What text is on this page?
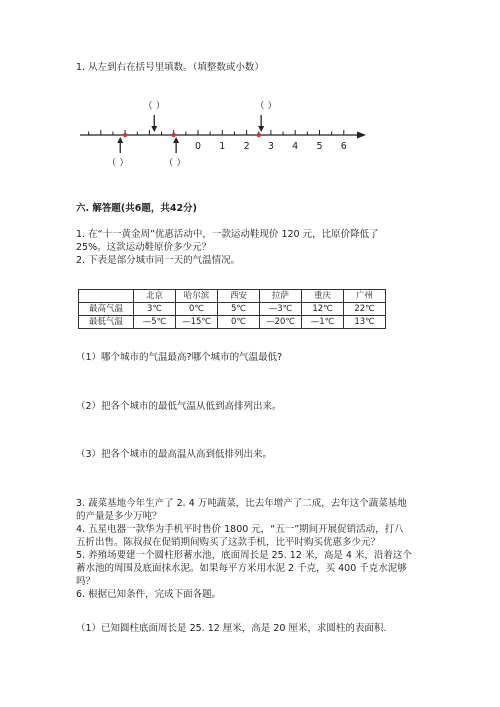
1. 从左到右在括号里填数。（填整数或小数）
0 1 2 3 4 5 6
（ ）	（ ）
（ ）	（ ）
六. 解答题(共6题，共42分)
1. 在“十一黄金周”优惠活动中，一款运动鞋现价 120 元，比原价降低了
25%。这款运动鞋原价多少元？
2. 下表是部分城市同一天的气温情况。
	北京	哈尔滨	西安	拉萨	重庆	广州
最高气温	3℃	0℃	5℃	—3℃	12℃	22℃
最低气温	—5℃	—15℃	0℃	—20℃	—1℃	13℃
（1）哪个城市的气温最高?哪个城市的气温最低?
（2）把各个城市的最低气温从低到高排列出来。
（3）把各个城市的最高温从高到低排列出来。
3. 蔬菜基地今年生产了 2. 4 万吨蔬菜，比去年增产了二成，去年这个蔬菜基地
的产量是多少万吨？
4. 五星电器一款华为手机平时售价 1800 元，“五一”期间开展促销活动，打八
五折出售。陈叔叔在促销期间购买了这款手机，比平时购买优惠多少元？
5. 养殖场要建一个圆柱形蓄水池，底面周长是 25. 12 米，高是 4 米，沿着这个
蓄水池的周围及底面抹水泥。如果每平方米用水泥 2 千克，买 400 千克水泥够
吗？
6. 根据已知条件，完成下面各题。
（1）已知圆柱底面周长是 25. 12 厘米，高是 20 厘米，求圆柱的表面积.
